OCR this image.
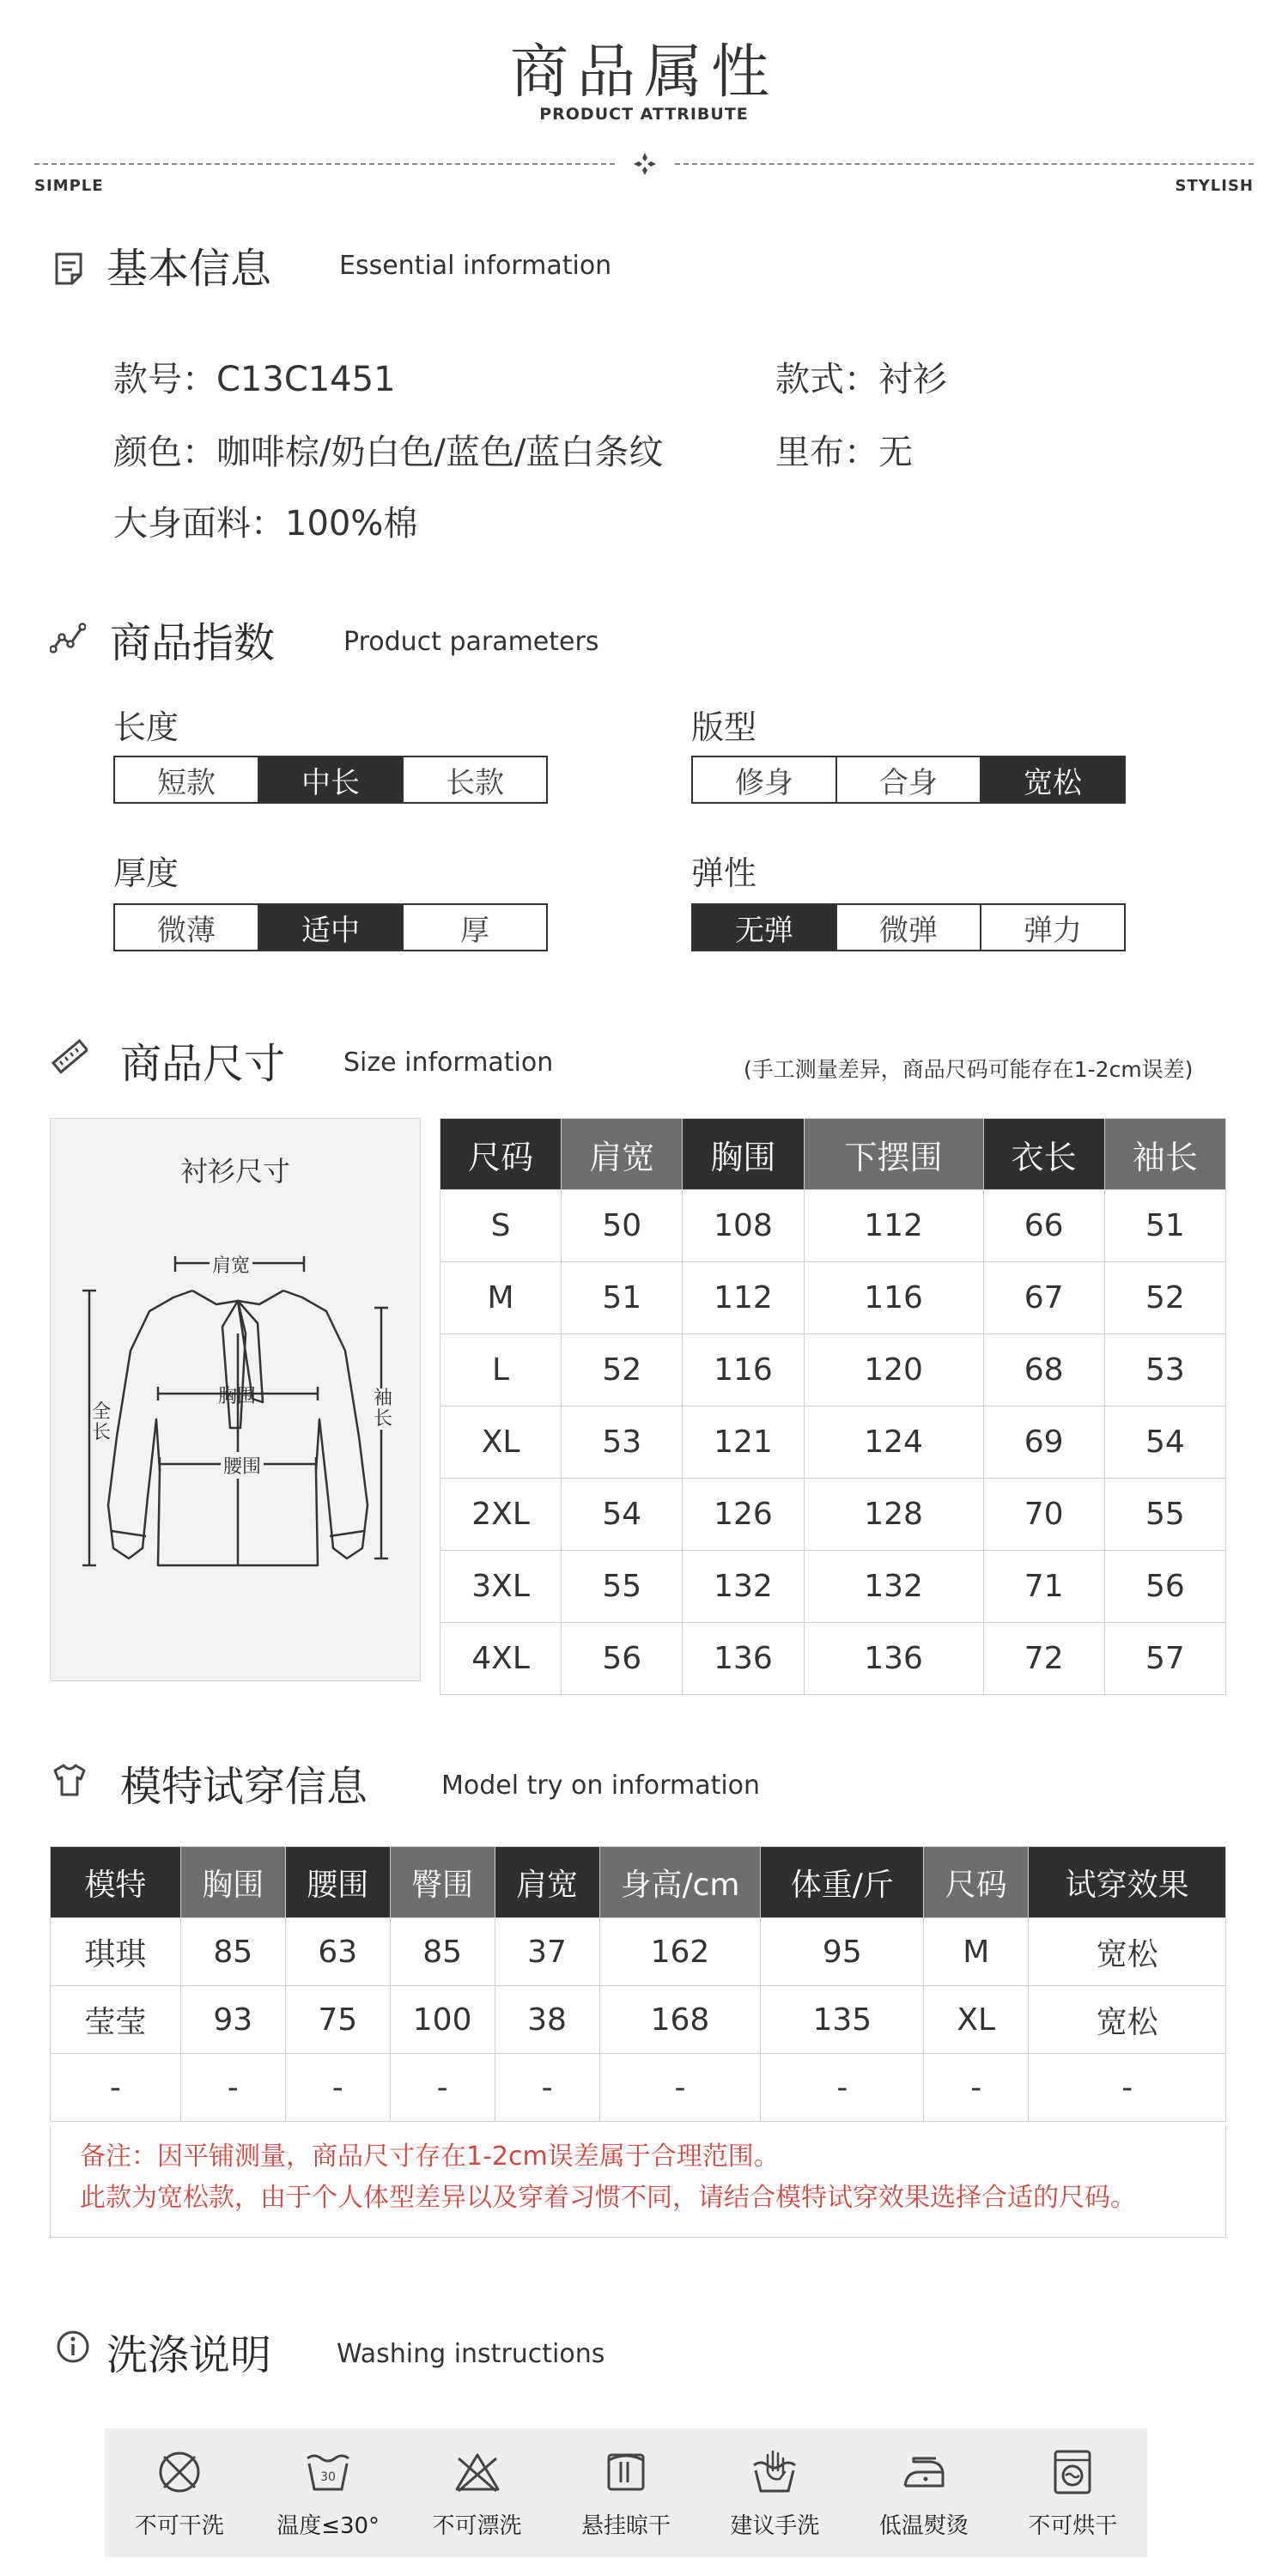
商品属性
PRODUCT ATTRIBUTE
SIMPLE	STYLISH
基本信息	Essential information
款号：C13C1451	款式：衬衫
颜色：咖啡棕/奶白色/蓝色/蓝白条纹	里布：无
大身面料：100%棉
商品指数	Product parameters
长度
短款	中长	长款
版型
修身	合身	宽松
厚度
微薄	适中	厚
弹性
无弹	微弹	弹力
商品尺寸 Size information	(手工测量差异，商品尺码可能存在1-2cm误差)
衬衫尺寸
肩宽
胸围
腰围
全长
袖长
尺码	肩宽	胸围	下摆围	衣长	袖长
S	50	108	112	66	51
M	51	112	116	67	52
L	52	116	120	68	53
XL	53	121	124	69	54
2XL	54	126	128	70	55
3XL	55	132	132	71	56
4XL	56	136	136	72	57
模特试穿信息	Model try on information
模特	胸围	腰围	臀围	肩宽	身高/cm	体重/斤	尺码	试穿效果
琪琪	85	63	85	37	162	95	M	宽松
莹莹	93	75	100	38	168	135	XL	宽松
-	-	-	-	-	-	-	-	-
备注：因平铺测量，商品尺寸存在1-2cm误差属于合理范围。
此款为宽松款，由于个人体型差异以及穿着习惯不同，请结合模特试穿效果选择合适的尺码。
洗涤说明	Washing instructions
不可干洗
30
温度≤30°	不可漂洗	悬挂晾干	建议手洗	低温熨烫	不可烘干
